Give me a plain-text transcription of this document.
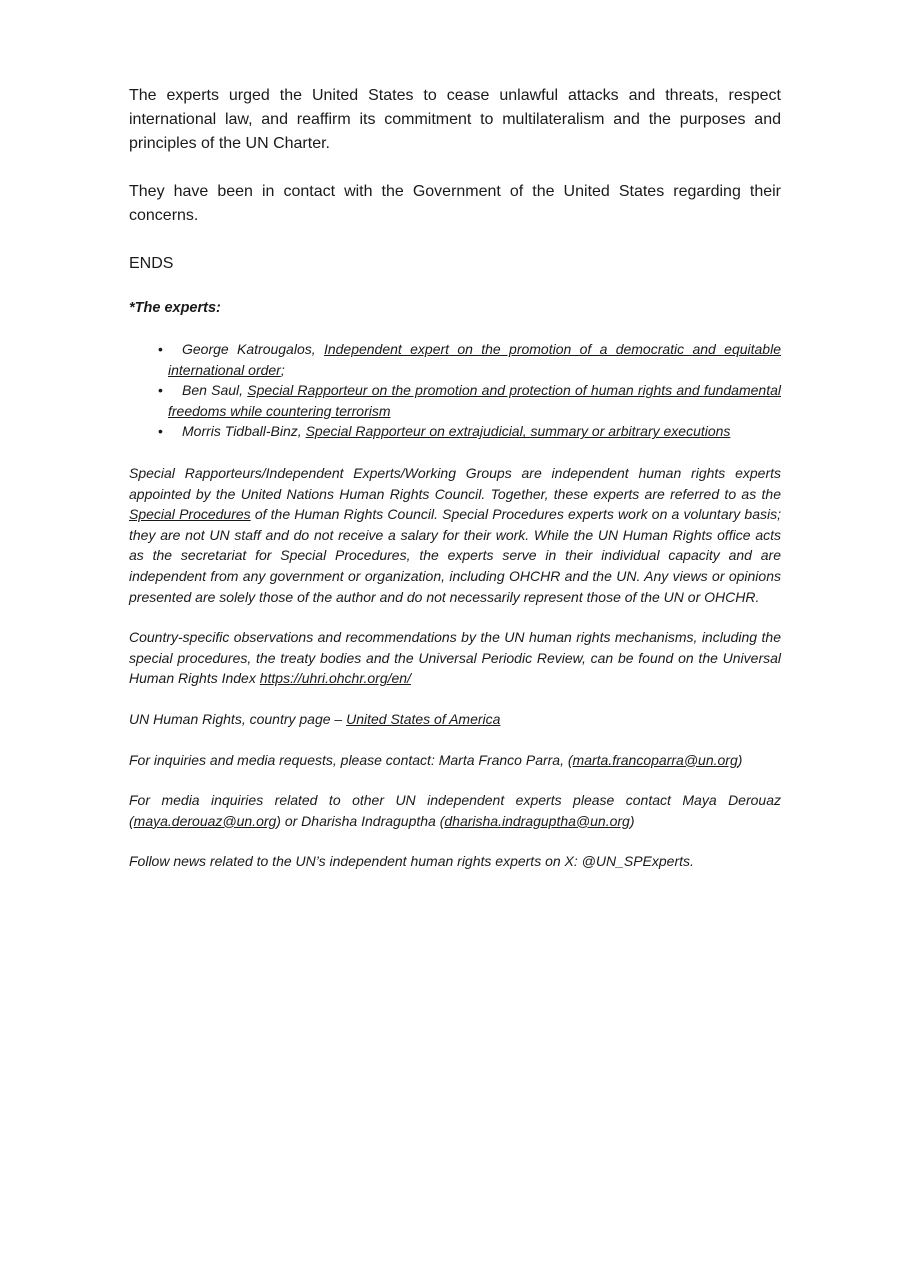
The experts urged the United States to cease unlawful attacks and threats, respect international law, and reaffirm its commitment to multilateralism and the purposes and principles of the UN Charter.

They have been in contact with the Government of the United States regarding their concerns.

ENDS

*The experts:

• George Katrougalos, Independent expert on the promotion of a democratic and equitable international order;
• Ben Saul, Special Rapporteur on the promotion and protection of human rights and fundamental freedoms while countering terrorism
• Morris Tidball-Binz, Special Rapporteur on extrajudicial, summary or arbitrary executions

Special Rapporteurs/Independent Experts/Working Groups are independent human rights experts appointed by the United Nations Human Rights Council. Together, these experts are referred to as the Special Procedures of the Human Rights Council. Special Procedures experts work on a voluntary basis; they are not UN staff and do not receive a salary for their work. While the UN Human Rights office acts as the secretariat for Special Procedures, the experts serve in their individual capacity and are independent from any government or organization, including OHCHR and the UN. Any views or opinions presented are solely those of the author and do not necessarily represent those of the UN or OHCHR.

Country-specific observations and recommendations by the UN human rights mechanisms, including the special procedures, the treaty bodies and the Universal Periodic Review, can be found on the Universal Human Rights Index https://uhri.ohchr.org/en/

UN Human Rights, country page – United States of America

For inquiries and media requests, please contact: Marta Franco Parra, (marta.francoparra@un.org)

For media inquiries related to other UN independent experts please contact Maya Derouaz (maya.derouaz@un.org) or Dharisha Indraguptha (dharisha.indraguptha@un.org)

Follow news related to the UN’s independent human rights experts on X: @UN_SPExperts.
